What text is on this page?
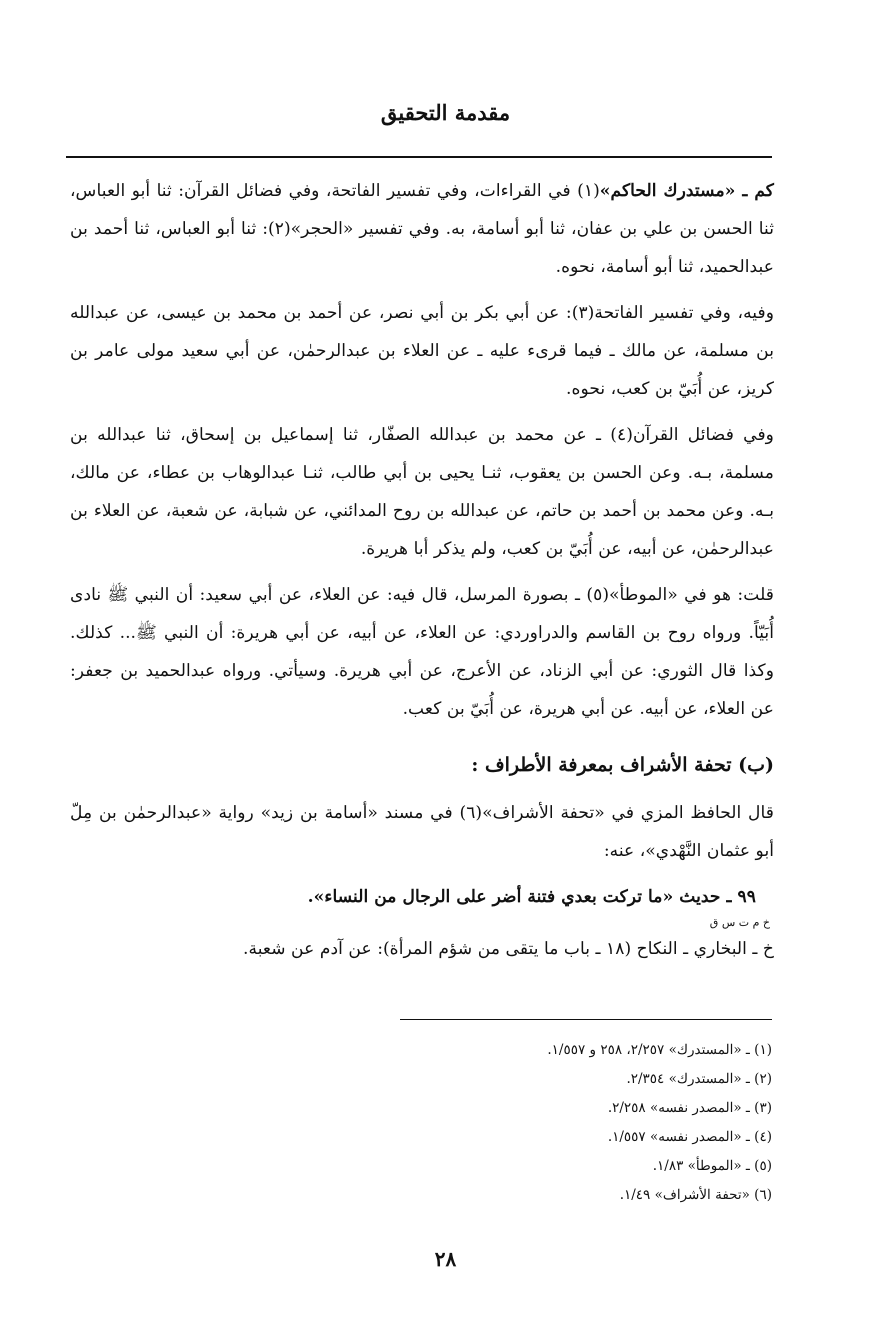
مقدمة التحقيق

كم ـ «مستدرك الحاكم»(١) في القراءات، وفي تفسير الفاتحة، وفي فضائل القرآن: ثنا أبو العباس، ثنا الحسن بن علي بن عفان، ثنا أبو أسامة، به. وفي تفسير «الحجر»(٢): ثنا أبو العباس، ثنا أحمد بن عبدالحميد، ثنا أبو أسامة، نحوه.

وفيه، وفي تفسير الفاتحة(٣): عن أبي بكر بن أبي نصر، عن أحمد بن محمد بن عيسى، عن عبدالله بن مسلمة، عن مالك ـ فيما قرىء عليه ـ عن العلاء بن عبدالرحمٰن، عن أبي سعيد مولى عامر بن كريز، عن أُبَيّ بن كعب، نحوه.

وفي فضائل القرآن(٤) ـ عن محمد بن عبدالله الصفّار، ثنا إسماعيل بن إسحاق، ثنا عبدالله بن مسلمة، بـه. وعن الحسن بن يعقوب، ثنـا يحيى بن أبي طالب، ثنـا عبدالوهاب بن عطاء، عن مالك، بـه. وعن محمد بن أحمد بن حاتم، عن عبدالله بن روح المدائني، عن شبابة، عن شعبة، عن العلاء بن عبدالرحمٰن، عن أبيه، عن أُبَيّ بن كعب، ولم يذكر أبا هريرة.

قلت: هو في «الموطأ»(٥) ـ بصورة المرسل، قال فيه: عن العلاء، عن أبي سعيد: أن النبي ﷺ نادى أُبَيّاً. ورواه روح بن القاسم والدراوردي: عن العلاء، عن أبيه، عن أبي هريرة: أن النبي ﷺ... كذلك. وكذا قال الثوري: عن أبي الزناد، عن الأعرج، عن أبي هريرة. وسيأتي. ورواه عبدالحميد بن جعفر: عن العلاء، عن أبيه. عن أبي هريرة، عن أُبَيّ بن كعب.

(ب) تحفة الأشراف بمعرفة الأطراف :

قال الحافظ المزي في «تحفة الأشراف»(٦) في مسند «أسامة بن زيد» رواية «عبدالرحمٰن بن مِلّ أبو عثمان النَّهْدي»، عنه:

٩٩ ـ حديث «ما تركت بعدي فتنة أضر على الرجال من النساء».

خ م ت س ق

خ ـ البخاري ـ النكاح (١٨ ـ باب ما يتقى من شؤم المرأة): عن آدم عن شعبة.

(١) ـ «المستدرك» ٢/٢٥٧، ٢٥٨ و ١/٥٥٧.

(٢) ـ «المستدرك» ٢/٣٥٤.

(٣) ـ «المصدر نفسه» ٢/٢٥٨.

(٤) ـ «المصدر نفسه» ١/٥٥٧.

(٥) ـ «الموطأ» ١/٨٣.

(٦) «تحفة الأشراف» ١/٤٩.

٢٨
